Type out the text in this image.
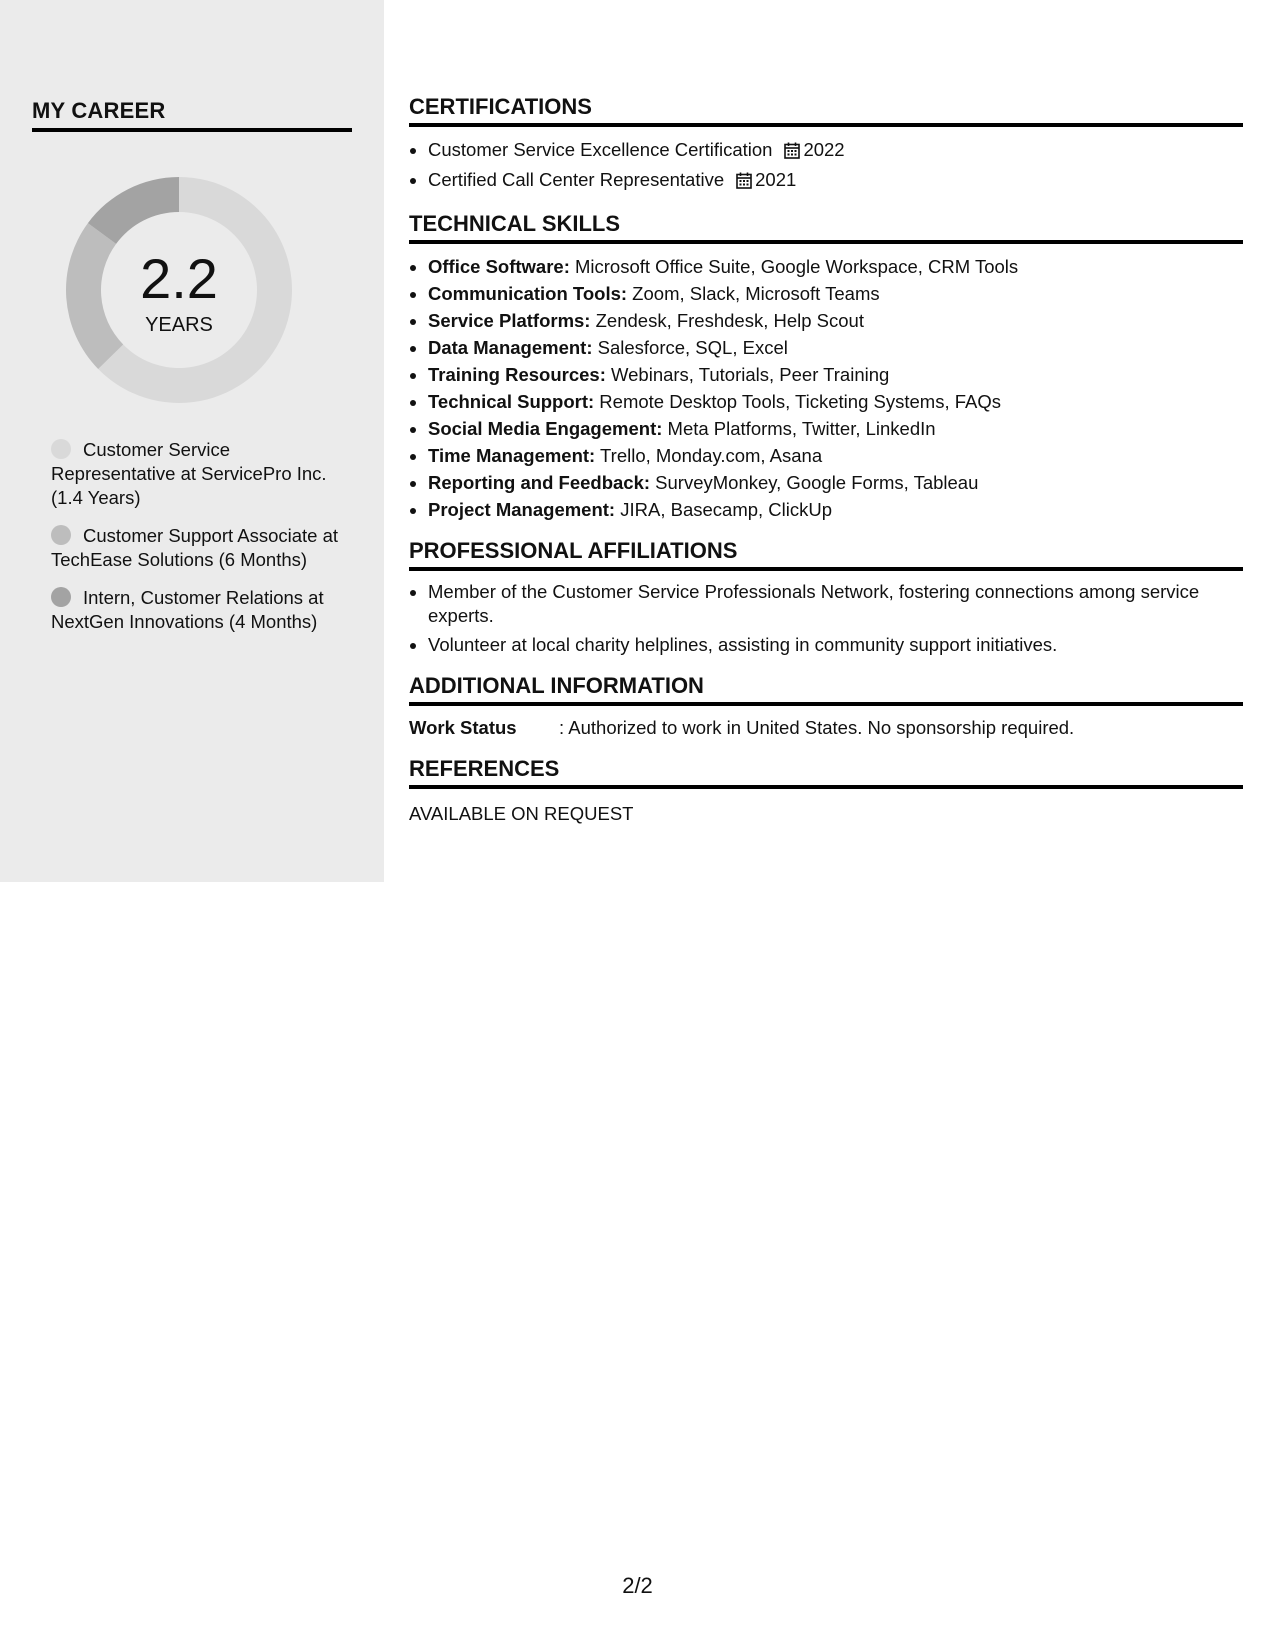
MY CAREER
2.2
YEARS
Customer Service Representative at ServicePro Inc. (1.4 Years)
Customer Support Associate at TechEase Solutions (6 Months)
Intern, Customer Relations at NextGen Innovations (4 Months)
CERTIFICATIONS
• Customer Service Excellence Certification 2022
• Certified Call Center Representative 2021
TECHNICAL SKILLS
• Office Software: Microsoft Office Suite, Google Workspace, CRM Tools
• Communication Tools: Zoom, Slack, Microsoft Teams
• Service Platforms: Zendesk, Freshdesk, Help Scout
• Data Management: Salesforce, SQL, Excel
• Training Resources: Webinars, Tutorials, Peer Training
• Technical Support: Remote Desktop Tools, Ticketing Systems, FAQs
• Social Media Engagement: Meta Platforms, Twitter, LinkedIn
• Time Management: Trello, Monday.com, Asana
• Reporting and Feedback: SurveyMonkey, Google Forms, Tableau
• Project Management: JIRA, Basecamp, ClickUp
PROFESSIONAL AFFILIATIONS
• Member of the Customer Service Professionals Network, fostering connections among service experts.
• Volunteer at local charity helplines, assisting in community support initiatives.
ADDITIONAL INFORMATION
Work Status : Authorized to work in United States. No sponsorship required.
REFERENCES
AVAILABLE ON REQUEST
2/2
